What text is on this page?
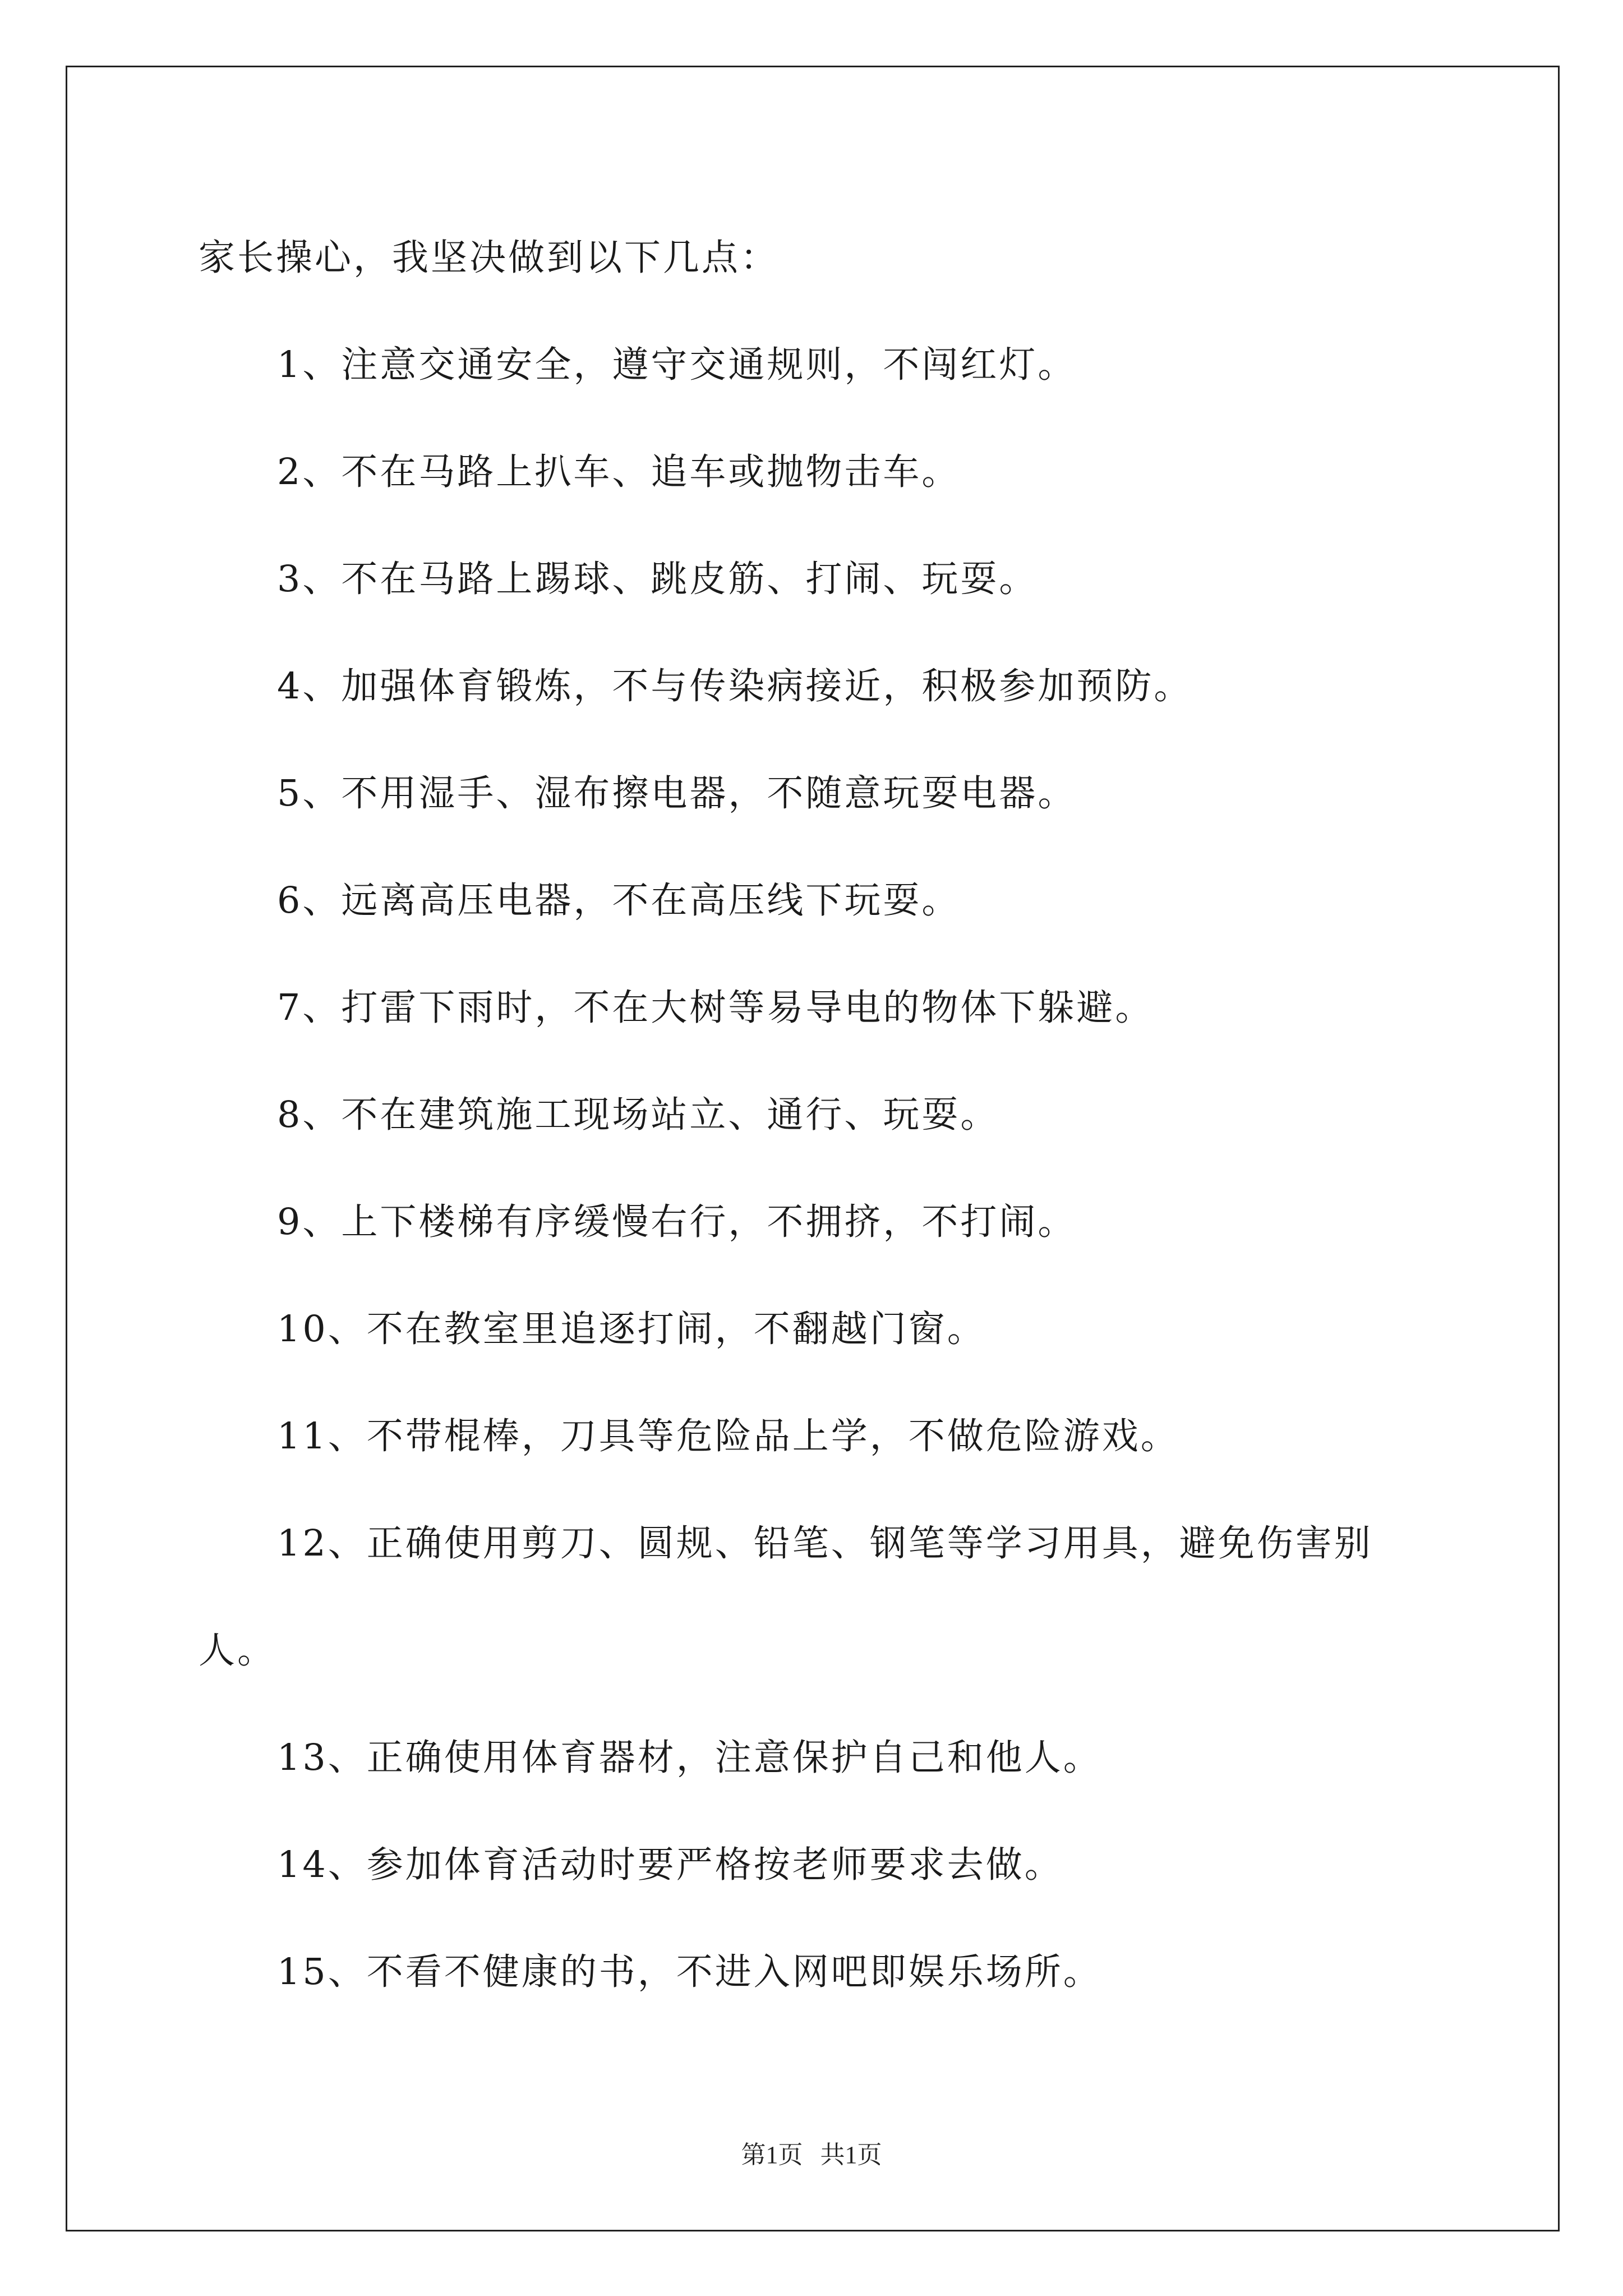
家长操心，我坚决做到以下几点：

1、注意交通安全，遵守交通规则，不闯红灯。

2、不在马路上扒车、追车或抛物击车。

3、不在马路上踢球、跳皮筋、打闹、玩耍。

4、加强体育锻炼，不与传染病接近，积极参加预防。

5、不用湿手、湿布擦电器，不随意玩耍电器。

6、远离高压电器，不在高压线下玩耍。

7、打雷下雨时，不在大树等易导电的物体下躲避。

8、不在建筑施工现场站立、通行、玩耍。

9、上下楼梯有序缓慢右行，不拥挤，不打闹。

10、不在教室里追逐打闹，不翻越门窗。

11、不带棍棒，刀具等危险品上学，不做危险游戏。

12、正确使用剪刀、圆规、铅笔、钢笔等学习用具，避免伤害别人。

13、正确使用体育器材，注意保护自己和他人。

14、参加体育活动时要严格按老师要求去做。

15、不看不健康的书，不进入网吧即娱乐场所。

第1页 共1页
